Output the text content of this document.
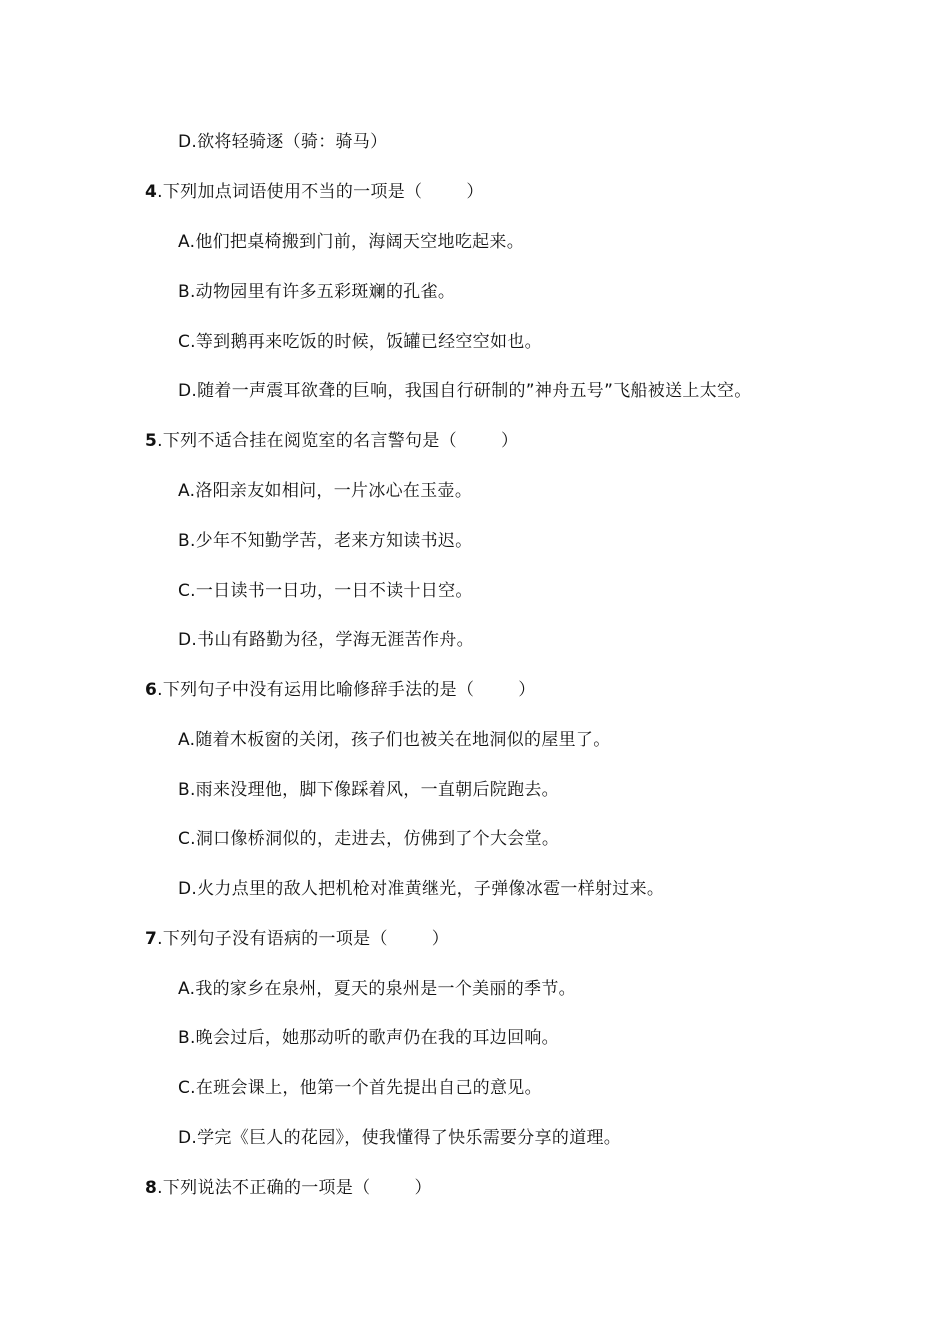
D.欲将轻骑逐（骑：骑马）
4.下列加点词语使用不当的一项是（	）
A.他们把桌椅搬到门前，海阔天空地吃起来。
B.动物园里有许多五彩斑斓的孔雀。
C.等到鹅再来吃饭的时候，饭罐已经空空如也。
D.随着一声震耳欲聋的巨响，我国自行研制的”神舟五号”飞船被送上太空。
5.下列不适合挂在阅览室的名言警句是（	）
A.洛阳亲友如相问，一片冰心在玉壶。
B.少年不知勤学苦，老来方知读书迟。
C.一日读书一日功，一日不读十日空。
D.书山有路勤为径，学海无涯苦作舟。
6.下列句子中没有运用比喻修辞手法的是（	）
A.随着木板窗的关闭，孩子们也被关在地洞似的屋里了。
B.雨来没理他，脚下像踩着风，一直朝后院跑去。
C.洞口像桥洞似的，走进去，仿佛到了个大会堂。
D.火力点里的敌人把机枪对准黄继光，子弹像冰雹一样射过来。
7.下列句子没有语病的一项是（	）
A.我的家乡在泉州，夏天的泉州是一个美丽的季节。
B.晚会过后，她那动听的歌声仍在我的耳边回响。
C.在班会课上，他第一个首先提出自己的意见。
D.学完《巨人的花园》，使我懂得了快乐需要分享的道理。
8.下列说法不正确的一项是（	）
